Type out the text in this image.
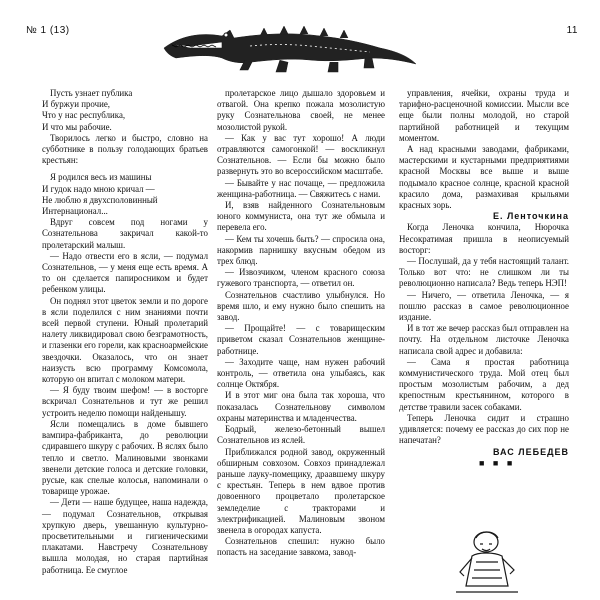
№ 1 (13)	11

Пусть узнает публика
И буржуи прочие,
Что у нас республика,
И что мы рабочие.

Творилось легко и быстро, словно на субботнике в пользу голодающих братьев крестьян:

Я родился весь из машины
И гудок надо мною кричал —
Не люблю я двухсполовинный
Интернационал...

Вдруг совсем под ногами у Сознательнова закричал какой-то пролетарский малыш.

— Надо отвести его в ясли, — подумал Сознательнов, — у меня еще есть время. А то он сделается папиросником и будет ребенком улицы.

Он поднял этот цветок земли и по дороге в ясли поделился с ним знаниями почти всей первой ступени. Юный пролетарий налету ликвидировал свою безграмотность, и глазенки его горели, как красноармейские звездочки. Оказалось, что он знает наизусть всю программу Комсомола, которую он впитал с молоком матери.

— Я буду твоим шефом! — в восторге вскричал Сознательнов и тут же решил устроить неделю помощи найденышу.

Ясли помещались в доме бывшего вампира-фабриканта, до революции сдиравшего шкуру с рабочих. В яслях было тепло и светло. Малиновыми звонками звенели детские голоса и детские головки, русые, как спелые колосья, напоминали о товарище урожае.

— Дети — наше будущее, наша надежда, — подумал Сознательнов, открывая хрупкую дверь, увешанную культурно-просветительными и гигиеническими плакатами. Навстречу Сознательнову вышла молодая, но старая партийная работница. Ее смуглое

пролетарское лицо дышало здоровьем и отвагой. Она крепко пожала мозолистую руку Сознательнова своей, не менее мозолистой рукой.

— Как у вас тут хорошо! А люди отравляются самогонкой! — воскликнул Сознательнов. — Если бы можно было развернуть это во всероссийском масштабе.

— Бывайте у нас почаще, — предложила женщина-работница. — Свяжитесь с нами.

И, взяв найденного Сознательновым юного коммуниста, она тут же обмыла и перевела его.

— Кем ты хочешь быть? — спросила она, накормив парнишку вкусным обедом из трех блюд.

— Извозчиком, членом красного союза гужевого транспорта, — ответил он.

Сознательнов счастливо улыбнулся. Но время шло, и ему нужно было спешить на завод.

— Прощайте! — с товарищеским приветом сказал Сознательнов женщине-работнице.

— Заходите чаще, нам нужен рабочий контроль, — ответила она улыбаясь, как солнце Октября.

И в этот миг она была так хороша, что показалась Сознательнову символом охраны материнства и младенчества.

Бодрый, железо-бетонный вышел Сознательнов из яслей.

Приближался родной завод, окруженный обширным совхозом. Совхоз принадлежал раньше лауку-помещику, драавшему шкуру с крестьян. Теперь в нем вдвое против довоенного процветало пролетарское земледелие с тракторами и электрификацией. Малиновым звоном звенела в огородах капуста.

Сознательнов спешил: нужно было попасть на заседание завкома, завод-

управления, ячейки, охраны труда и тарифно-расценочной комиссии. Мысли все еще были полны молодой, но старой партийной работницей и текущим моментом.

А над красными заводами, фабриками, мастерскими и кустарными предприятиями красной Москвы все выше и выше подымало красное солнце, красной красной красило дома, размахивая крыльями красных зорь.

Е. Ленточкина

Когда Леночка кончила, Нюрочка Несократимая пришла в неописуемый восторг:

— Послушай, да у тебя настоящий талант. Только вот что: не слишком ли ты революционно написала? Ведь теперь НЭП!

— Ничего, — ответила Леночка, — я пошлю рассказ в самое революционное издание.

И в тот же вечер рассказ был отправлен на почту. На отдельном листочке Леночка написала свой адрес и добавила:

— Сама я простая работница коммунистического труда. Мой отец был простым мозолистым рабочим, а дед крепостным крестьянином, которого в детстве травили засек собаками.

Теперь Леночка сидит и страшно удивляется: почему ее рассказ до сих пор не напечатан?

ВАС ЛЕБЕДЕВ

■ ■ ■
